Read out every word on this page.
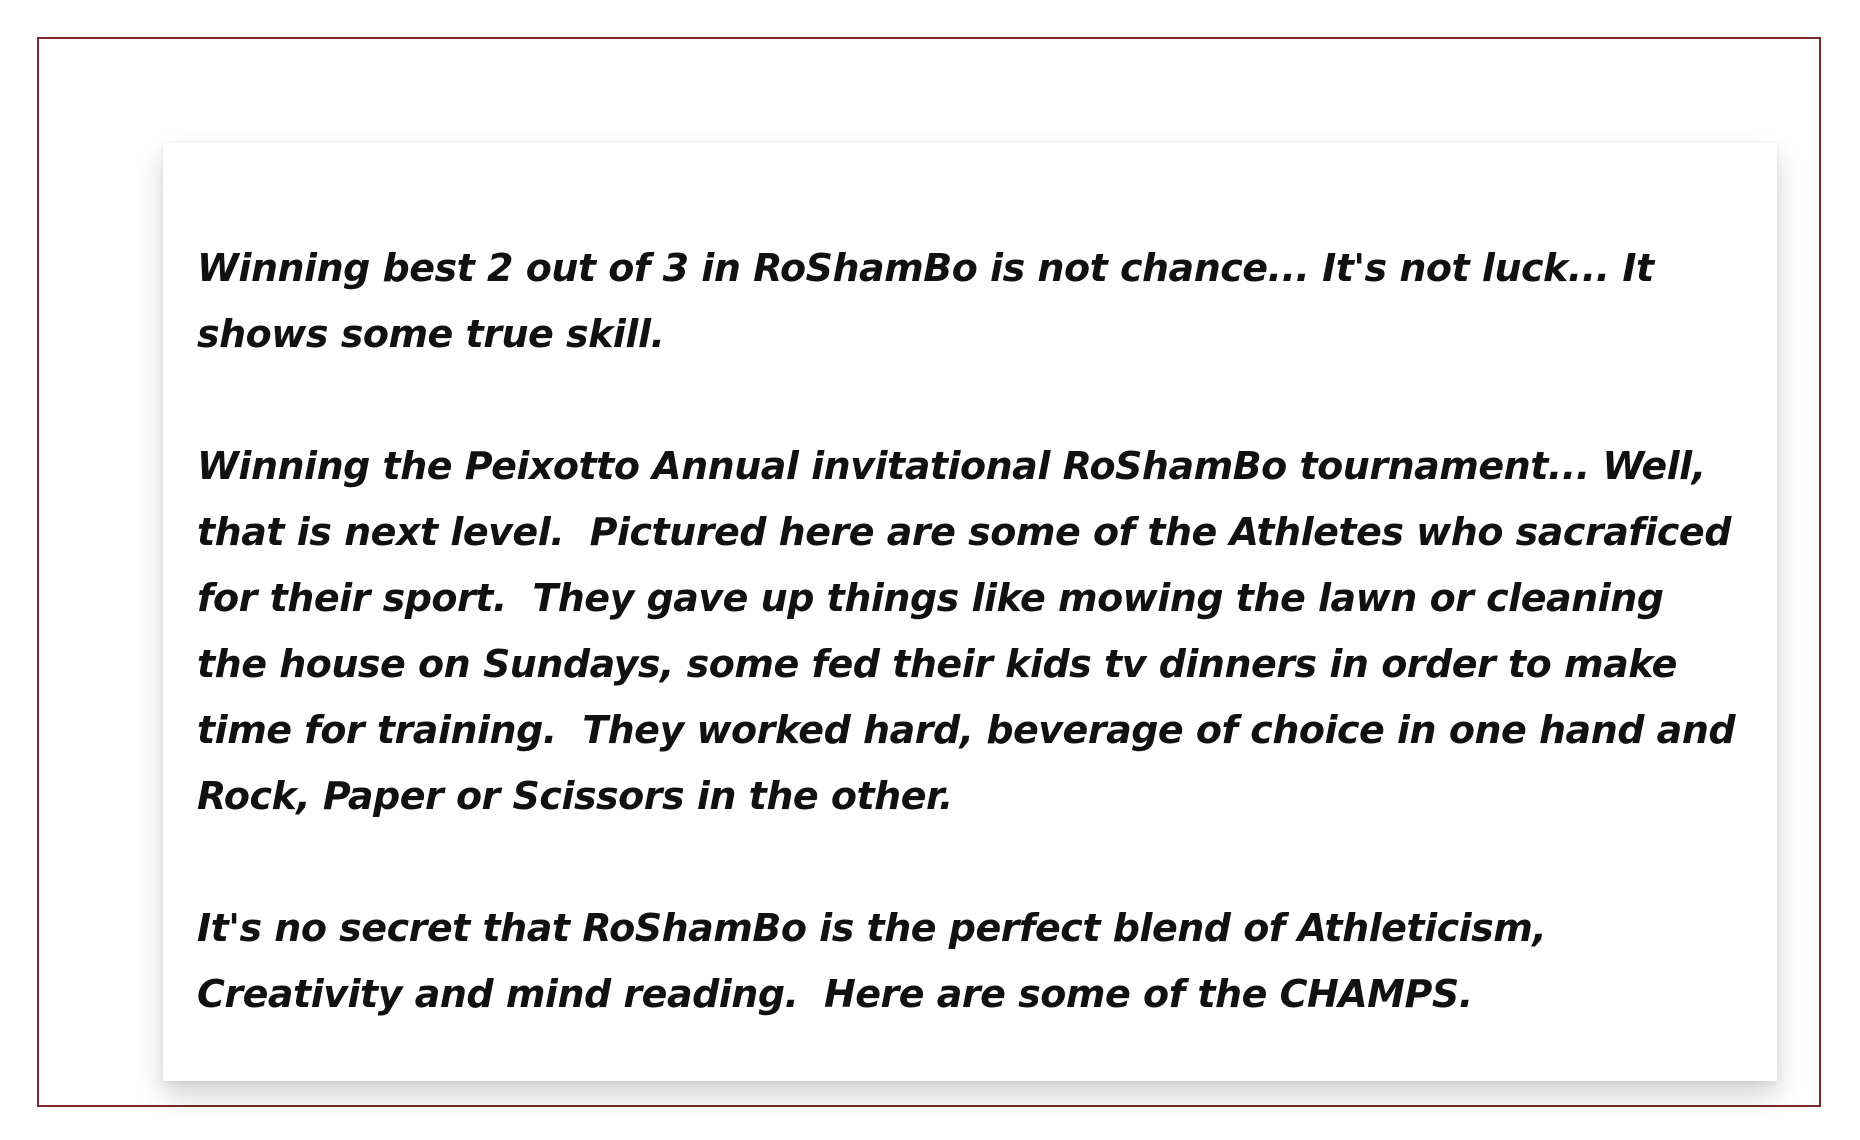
Winning best 2 out of 3 in RoShamBo is not chance... It's not luck... It shows some true skill.

Winning the Peixotto Annual invitational RoShamBo tournament... Well, that is next level.  Pictured here are some of the Athletes who sacraficed for their sport.  They gave up things like mowing the lawn or cleaning the house on Sundays, some fed their kids tv dinners in order to make time for training.  They worked hard, beverage of choice in one hand and Rock, Paper or Scissors in the other.

It's no secret that RoShamBo is the perfect blend of Athleticism, Creativity and mind reading.  Here are some of the CHAMPS.
